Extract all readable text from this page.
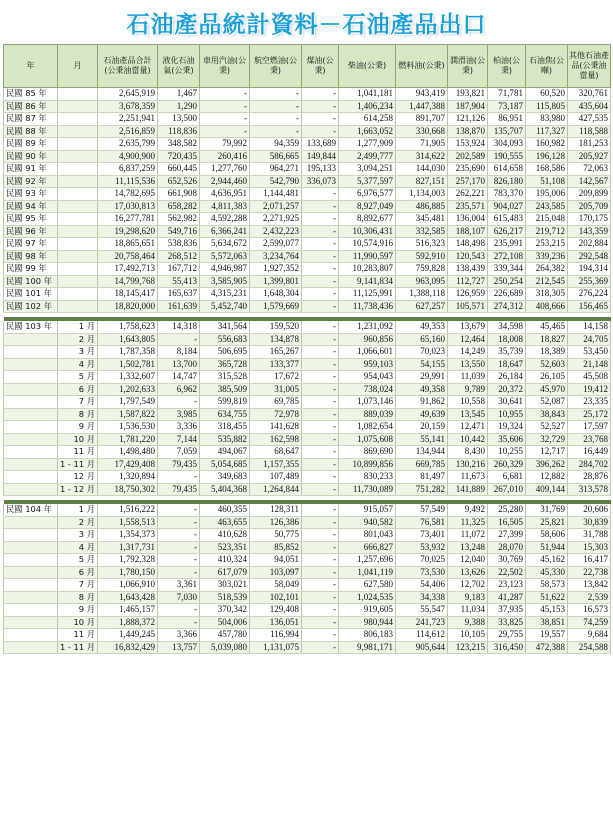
石油產品統計資料－石油產品出口
年	月	石油產品合計(公秉油當量)	液化石油氣(公秉)	車用汽油(公秉)	航空燃油(公秉)	煤油(公秉)	柴油(公秉)	燃料油(公秉)	潤滑油(公秉)	柏油(公秉)	石油焦(公噸)	其他石油產品(公秉油當量)
民國 85 年		2,645,919	1,467	-	-	-	1,041,181	943,419	193,821	71,781	60,520	320,761
民國 86 年		3,678,359	1,290	-	-	-	1,406,234	1,447,388	187,904	73,187	115,805	435,604
民國 87 年		2,251,941	13,500	-	-	-	614,258	891,707	121,126	86,951	83,980	427,535
民國 88 年		2,516,859	118,836	-	-	-	1,663,052	330,668	138,870	135,707	117,327	118,588
民國 89 年		2,635,799	348,582	79,992	94,359	133,689	1,277,909	71,905	153,924	304,093	160,982	181,253
民國 90 年		4,900,900	720,435	260,416	586,665	149,844	2,499,777	314,622	202,589	190,555	196,128	205,927
民國 91 年		6,837,259	660,445	1,277,760	964,271	195,133	3,094,251	144,030	235,690	614,658	168,586	72,063
民國 92 年		11,115,536	652,526	2,944,460	542,790	336,073	5,377,597	827,151	257,170	826,180	51,108	142,567
民國 93 年		14,782,695	661,908	4,636,951	1,144,481	-	6,976,577	1,134,003	262,221	783,370	195,006	209,899
民國 94 年		17,030,813	658,282	4,811,383	2,071,257	-	8,927,049	486,885	235,571	904,027	243,585	205,709
民國 95 年		16,277,781	562,982	4,592,288	2,271,925	-	8,892,677	345,481	136,004	615,483	215,048	170,175
民國 96 年		19,298,620	549,716	6,366,241	2,432,223	-	10,306,431	332,585	188,107	626,217	219,712	143,359
民國 97 年		18,865,651	538,836	5,634,672	2,599,077	-	10,574,916	516,323	148,498	235,991	253,215	202,884
民國 98 年		20,758,464	268,512	5,572,063	3,234,764	-	11,990,597	592,910	120,543	272,108	339,236	292,548
民國 99 年		17,492,713	167,712	4,946,987	1,927,352	-	10,283,807	759,828	138,439	339,344	264,382	194,314
民國 100 年		14,799,768	55,413	3,585,905	1,399,801	-	9,141,834	963,095	112,727	250,254	212,545	255,369
民國 101 年		18,145,417	165,637	4,315,231	1,648,304	-	11,125,991	1,388,118	126,959	226,689	318,305	276,224
民國 102 年		18,820,000	161,639	5,452,740	1,579,669	-	11,738,436	627,257	105,571	274,312	408,666	156,465

民國 103 年	1 月	1,758,623	14,318	341,564	159,520	-	1,231,092	49,353	13,679	34,598	45,465	14,158
	2 月	1,643,805	-	556,683	134,878	-	960,856	65,160	12,464	18,008	18,827	24,705
	3 月	1,787,358	8,184	506,695	165,267	-	1,066,601	70,023	14,249	35,739	18,389	53,450
	4 月	1,502,781	13,700	365,728	133,377	-	959,103	54,155	13,550	18,647	52,603	21,148
	5 月	1,332,607	14,747	315,528	17,672	-	954,043	29,991	11,039	26,184	26,105	45,508
	6 月	1,202,633	6,962	385,509	31,005	-	738,024	49,358	9,789	20,372	45,970	19,412
	7 月	1,797,549	-	599,819	69,785	-	1,073,146	91,862	10,558	30,641	52,087	23,335
	8 月	1,587,822	3,985	634,755	72,978	-	889,039	49,639	13,545	10,955	38,843	25,172
	9 月	1,536,530	3,336	318,455	141,628	-	1,082,654	20,159	12,471	19,324	52,527	17,597
	10 月	1,781,220	7,144	535,882	162,598	-	1,075,608	55,141	10,442	35,606	32,729	23,768
	11 月	1,498,480	7,059	494,067	68,647	-	869,690	134,944	8,430	10,255	12,717	16,449
	1 - 11 月	17,429,408	79,435	5,054,685	1,157,355	-	10,899,856	669,785	130,216	260,329	396,262	284,702
	12 月	1,320,894	-	349,683	107,489	-	830,233	81,497	11,673	6,681	12,882	28,876
	1 - 12 月	18,750,302	79,435	5,404,368	1,264,844	-	11,730,089	751,282	141,889	267,010	409,144	313,578

民國 104 年	1 月	1,516,222	-	460,355	128,311	-	915,057	57,549	9,492	25,280	31,769	20,606
	2 月	1,558,513	-	463,655	126,386	-	940,582	76,581	11,325	16,505	25,821	30,839
	3 月	1,354,373	-	410,628	50,775	-	801,043	73,401	11,072	27,399	58,606	31,788
	4 月	1,317,731	-	523,351	85,852	-	666,827	53,932	13,248	28,070	51,944	15,303
	5 月	1,792,328	-	410,324	94,051	-	1,257,696	70,025	12,040	30,769	45,162	16,417
	6 月	1,780,150	-	617,079	103,097	-	1,041,119	73,530	13,626	22,502	45,330	22,738
	7 月	1,066,910	3,361	303,021	58,049	-	627,580	54,406	12,702	23,123	58,573	13,842
	8 月	1,643,428	7,030	518,539	102,101	-	1,024,535	34,338	9,183	41,287	51,622	2,539
	9 月	1,465,157	-	370,342	129,408	-	919,605	55,547	11,034	37,935	45,153	16,573
	10 月	1,888,372	-	504,006	136,051	-	980,944	241,723	9,388	33,825	38,851	74,259
	11 月	1,449,245	3,366	457,780	116,994	-	806,183	114,612	10,105	29,755	19,557	9,684
	1 - 11 月	16,832,429	13,757	5,039,080	1,131,075	-	9,981,171	905,644	123,215	316,450	472,388	254,588
